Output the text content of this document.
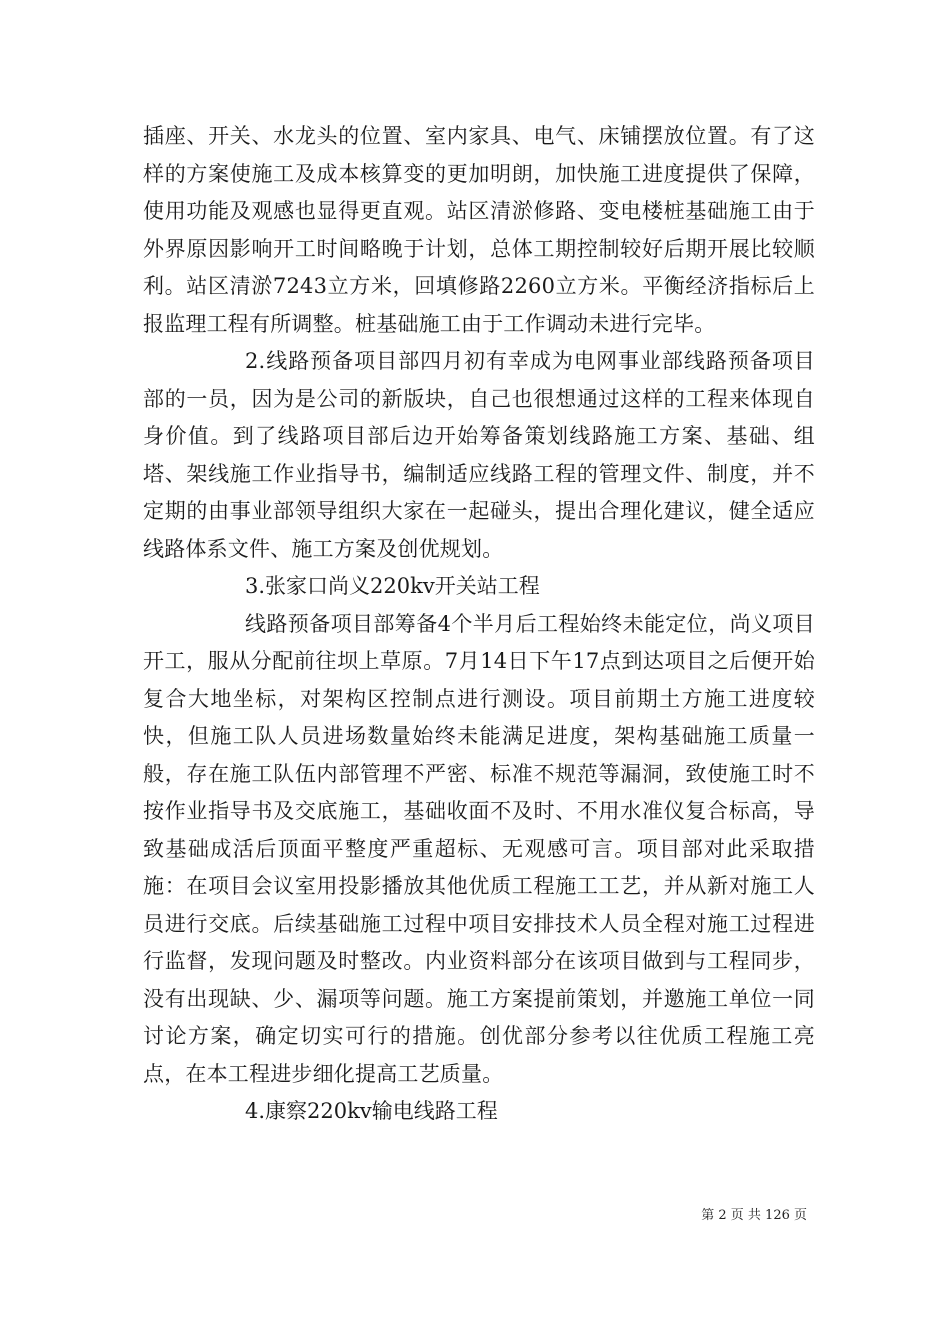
插座、开关、水龙头的位置、室内家具、电气、床铺摆放位置。有了这样的方案使施工及成本核算变的更加明朗，加快施工进度提供了保障，使用功能及观感也显得更直观。站区清淤修路、变电楼桩基础施工由于外界原因影响开工时间略晚于计划，总体工期控制较好后期开展比较顺利。站区清淤7243立方米，回填修路2260立方米。平衡经济指标后上报监理工程有所调整。桩基础施工由于工作调动未进行完毕。

2.线路预备项目部四月初有幸成为电网事业部线路预备项目部的一员，因为是公司的新版块，自己也很想通过这样的工程来体现自身价值。到了线路项目部后边开始筹备策划线路施工方案、基础、组塔、架线施工作业指导书，编制适应线路工程的管理文件、制度，并不定期的由事业部领导组织大家在一起碰头，提出合理化建议，健全适应线路体系文件、施工方案及创优规划。

3.张家口尚义220kv开关站工程

线路预备项目部筹备4个半月后工程始终未能定位，尚义项目开工，服从分配前往坝上草原。7月14日下午17点到达项目之后便开始复合大地坐标，对架构区控制点进行测设。项目前期土方施工进度较快，但施工队人员进场数量始终未能满足进度，架构基础施工质量一般，存在施工队伍内部管理不严密、标准不规范等漏洞，致使施工时不按作业指导书及交底施工，基础收面不及时、不用水准仪复合标高，导致基础成活后顶面平整度严重超标、无观感可言。项目部对此采取措施：在项目会议室用投影播放其他优质工程施工工艺，并从新对施工人员进行交底。后续基础施工过程中项目安排技术人员全程对施工过程进行监督，发现问题及时整改。内业资料部分在该项目做到与工程同步，没有出现缺、少、漏项等问题。施工方案提前策划，并邀施工单位一同讨论方案，确定切实可行的措施。创优部分参考以往优质工程施工亮点，在本工程进步细化提高工艺质量。

4.康察220kv输电线路工程

第 2 页 共 126 页
